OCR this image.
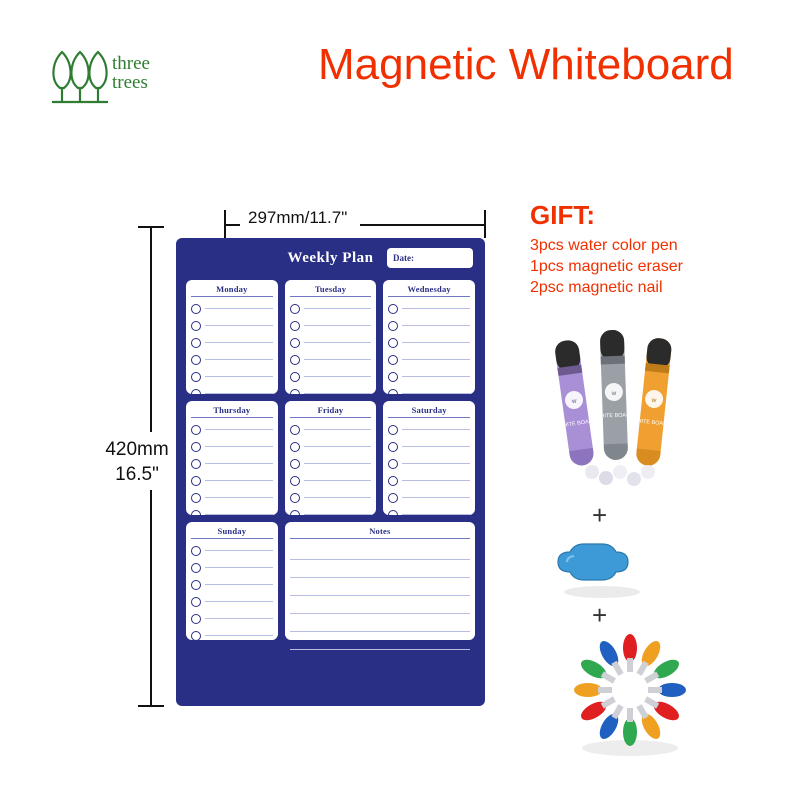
three
trees	Magnetic Whiteboard
297mm/11.7"
420mm
16.5"
Weekly Plan	Date:
Monday	Tuesday	Wednesday
Thursday	Friday	Saturday
Sunday	Notes
GIFT:
3pcs water color pen
1pcs magnetic eraser
2psc magnetic nail
W
WHITE BOARD
W
WHITE BOARD
W
WHITE BOARD
+
+
